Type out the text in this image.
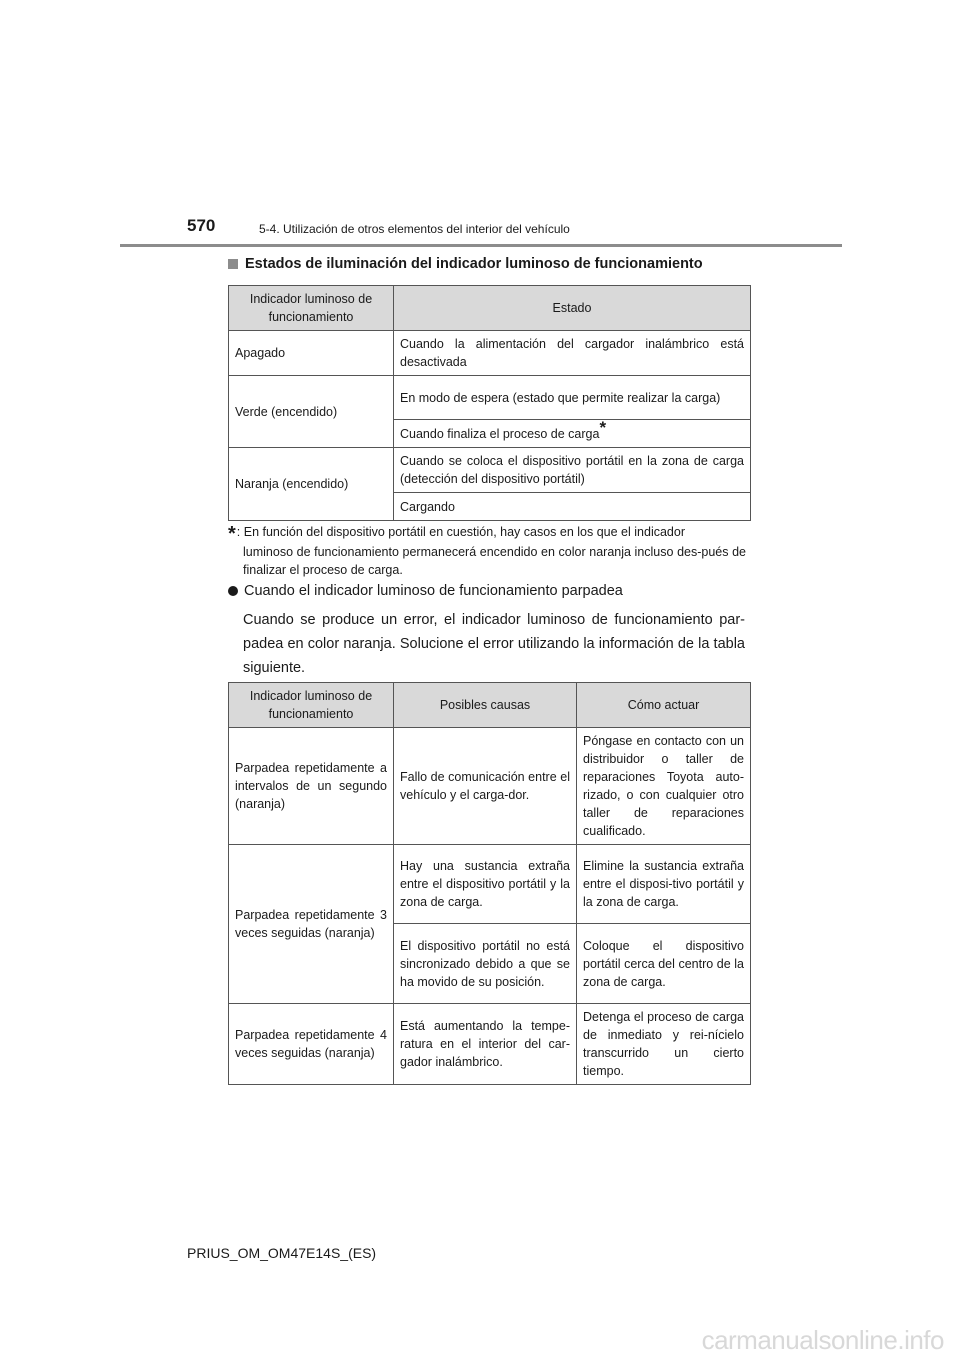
570	5-4. Utilización de otros elementos del interior del vehículo
Estados de iluminación del indicador luminoso de funcionamiento
Indicador luminoso de funcionamiento	Estado
Apagado	Cuando la alimentación del cargador inalámbrico está desactivada
Verde (encendido)	En modo de espera (estado que permite realizar la carga)
	Cuando finaliza el proceso de carga*
Naranja (encendido)	Cuando se coloca el dispositivo portátil en la zona de carga (detección del dispositivo portátil)
	Cargando
*: En función del dispositivo portátil en cuestión, hay casos en los que el indicador
luminoso de funcionamiento permanecerá encendido en color naranja incluso des-pués de finalizar el proceso de carga.
Cuando el indicador luminoso de funcionamiento parpadea
Cuando se produce un error, el indicador luminoso de funcionamiento par-padea en color naranja. Solucione el error utilizando la información de la tabla siguiente.
Indicador luminoso de funcionamiento	Posibles causas	Cómo actuar
Parpadea repetidamente a intervalos de un segundo (naranja)	Fallo de comunicación entre el vehículo y el carga-dor.	Póngase en contacto con un distribuidor o taller de reparaciones Toyota auto-rizado, o con cualquier otro taller de reparaciones cualificado.
Parpadea repetidamente 3 veces seguidas (naranja)	Hay una sustancia extraña entre el dispositivo portátil y la zona de carga.	Elimine la sustancia extraña entre el disposi-tivo portátil y la zona de carga.
	El dispositivo portátil no está sincronizado debido a que se ha movido de su posición.	Coloque el dispositivo portátil cerca del centro de la zona de carga.
Parpadea repetidamente 4 veces seguidas (naranja)	Está aumentando la tempe-ratura en el interior del car-gador inalámbrico.	Detenga el proceso de carga de inmediato y rei-nícielo transcurrido un cierto tiempo.
PRIUS_OM_OM47E14S_(ES)
carmanualsonline.info
